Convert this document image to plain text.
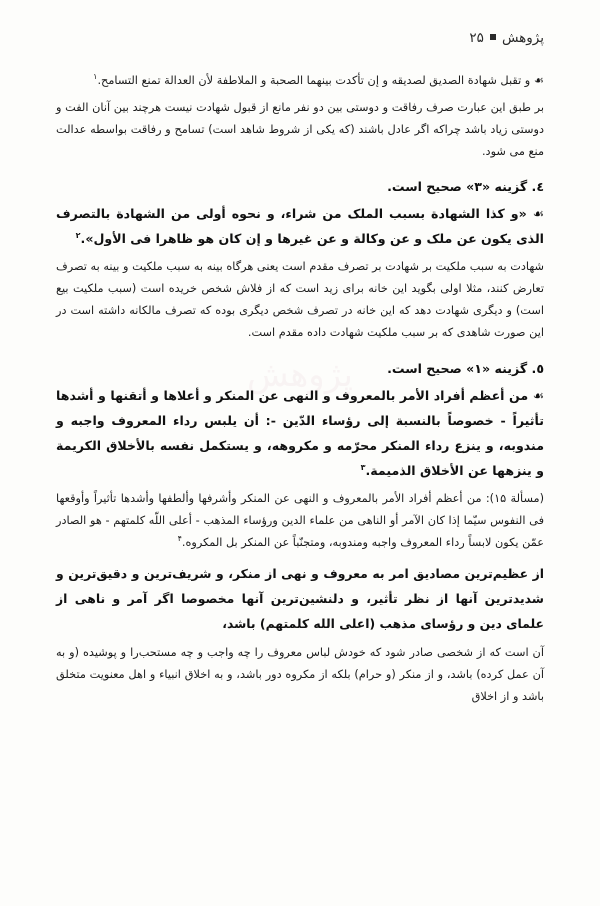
پژوهش
پژوهش
۲۵

☙ و تقبل شهادة الصدیق لصدیقه و إن تأکدت بینهما الصحبة و الملاطفة لأن العدالة تمنع التسامح.$^۱$

بر طبق این عبارت صرف رفاقت و دوستی بین دو نفر مانع از قبول شهادت نیست هرچند بین آنان الفت و دوستی زیاد باشد چراکه اگر عادل باشند (که یکی از شروط شاهد است) تسامح و رفاقت بواسطه عدالت منع می شود.

٤. گزینه «۳» صحیح است.

☙ «و کذا الشهادة بسبب الملک من شراء، و نحوه أولی من الشهادة بالتصرف الذی یکون عن ملک و عن وکالة و عن غیرها و إن کان هو ظاهرا فی الأول».$^۲$

شهادت به سبب ملکیت بر شهادت بر تصرف مقدم است یعنی هرگاه بینه به سبب ملکیت و بینه به تصرف تعارض کنند، مثلا اولی بگوید این خانه برای زید است که از فلاش شخص خریده است (سبب ملکیت بیع است) و دیگری شهادت دهد که این خانه در تصرف شخص دیگری بوده که تصرف مالکانه داشته است در این صورت شاهدی که بر سبب ملکیت شهادت داده مقدم است.

٥. گزینه «۱» صحیح است.

☙ من أعظم أفراد الأمر بالمعروف و النهی عن المنکر و أعلاها و أتقنها و أشدها تأثیراً - خصوصاً بالنسبة إلی رؤساء الدّین -: أن یلبس رداء المعروف واجبه و مندوبه، و ینزع رداء المنکر محرّمه و مکروهه، و یستکمل نفسه بالأخلاق الکریمة و ینزهها عن الأخلاق الذمیمة.$^۳$

(مسألة ۱۵): من أعظم أفراد الأمر بالمعروف و النهی عن المنکر وأشرفها وألطفها وأشدها تأثیراً وأوقعها فی النفوس سیّما إذا کان الآمر أو الناهی من علماء الدین ورؤساء المذهب - أعلی اللّه کلمتهم - هو الصادر عمّن یکون لابساً رداء المعروف واجبه ومندوبه، ومتجنّباً عن المنکر بل المکروه.$^۴$

از عظیم‌ترین مصادیق امر به معروف و نهی از منکر، و شریف‌ترین و دقیق‌ترین و شدیدترین آنها از نظر تأثیر، و دلنشین‌ترین آنها مخصوصا اگر آمر و ناهی از علمای دین و رؤسای مذهب (اعلی الله کلمتهم) باشد،

آن است که از شخصی صادر شود که خودش لباس معروف را چه واجب و چه مستحب‌را و پوشیده (و به آن عمل کرده) باشد، و از منکر (و حرام) بلکه از مکروه دور باشد، و به اخلاق انبیاء و اهل معنویت متخلق باشد و از اخلاق
